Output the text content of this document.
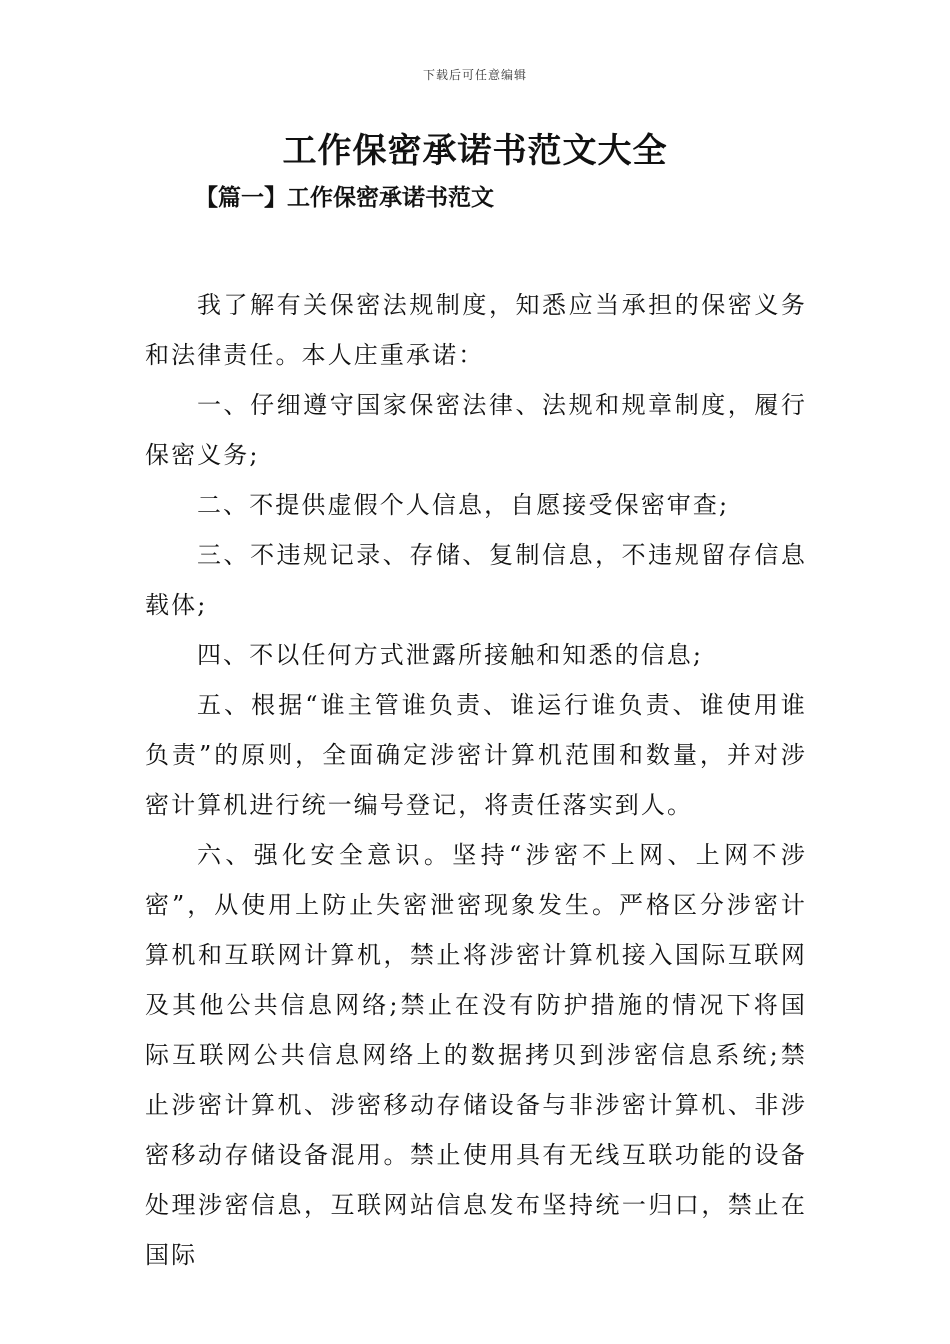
下载后可任意编辑
工作保密承诺书范文大全
【篇一】工作保密承诺书范文

我了解有关保密法规制度，知悉应当承担的保密义务和法律责任。本人庄重承诺：

一、仔细遵守国家保密法律、法规和规章制度，履行保密义务;

二、不提供虚假个人信息，自愿接受保密审查;

三、不违规记录、存储、复制信息，不违规留存信息载体;

四、不以任何方式泄露所接触和知悉的信息;

五、根据“谁主管谁负责、谁运行谁负责、谁使用谁负责”的原则，全面确定涉密计算机范围和数量，并对涉密计算机进行统一编号登记，将责任落实到人。

六、强化安全意识。坚持“涉密不上网、上网不涉密”，从使用上防止失密泄密现象发生。严格区分涉密计算机和互联网计算机，禁止将涉密计算机接入国际互联网及其他公共信息网络;禁止在没有防护措施的情况下将国际互联网公共信息网络上的数据拷贝到涉密信息系统;禁止涉密计算机、涉密移动存储设备与非涉密计算机、非涉密移动存储设备混用。禁止使用具有无线互联功能的设备处理涉密信息，互联网站信息发布坚持统一归口，禁止在国际
